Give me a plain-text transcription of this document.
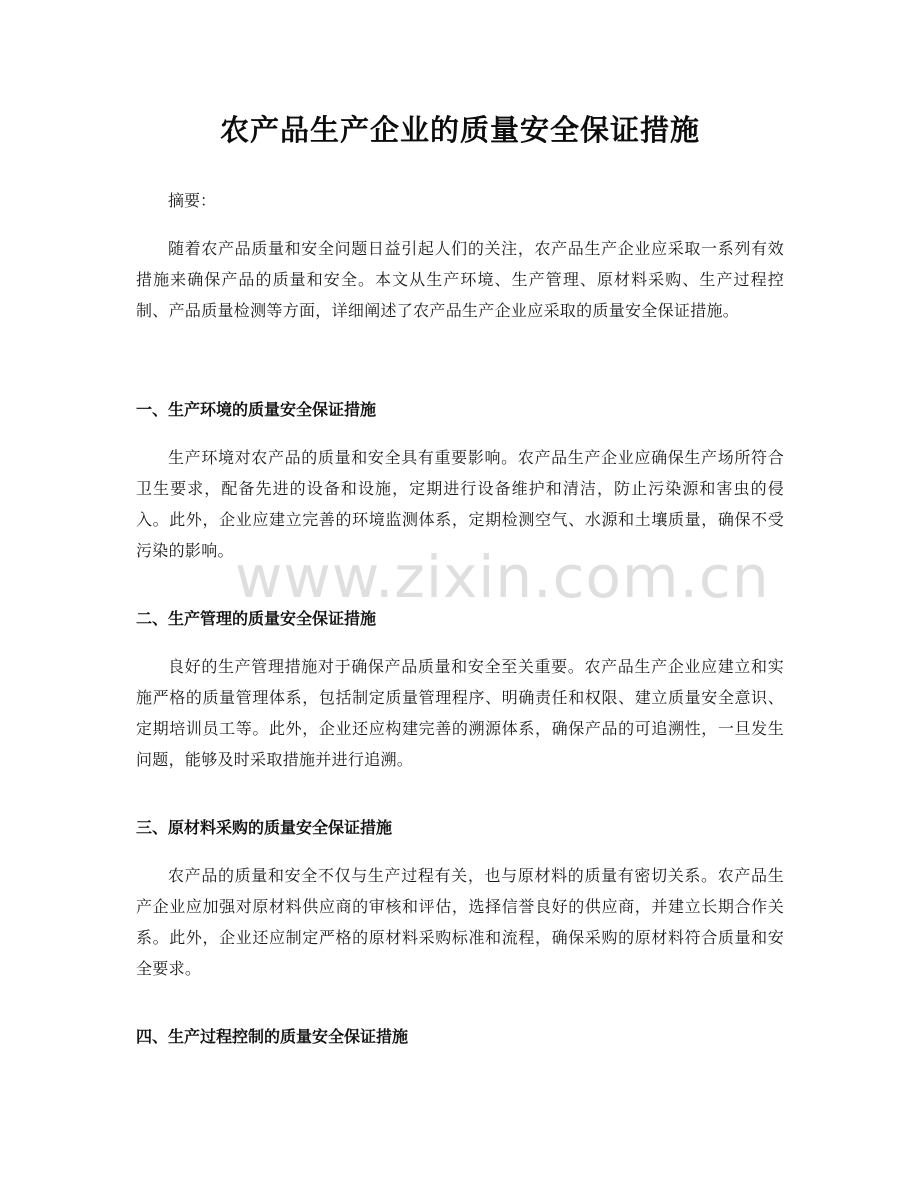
农产品生产企业的质量安全保证措施
摘要：
随着农产品质量和安全问题日益引起人们的关注，农产品生产企业应采取一系列有效措施来确保产品的质量和安全。本文从生产环境、生产管理、原材料采购、生产过程控制、产品质量检测等方面，详细阐述了农产品生产企业应采取的质量安全保证措施。
一、生产环境的质量安全保证措施
生产环境对农产品的质量和安全具有重要影响。农产品生产企业应确保生产场所符合卫生要求，配备先进的设备和设施，定期进行设备维护和清洁，防止污染源和害虫的侵入。此外，企业应建立完善的环境监测体系，定期检测空气、水源和土壤质量，确保不受污染的影响。
二、生产管理的质量安全保证措施
良好的生产管理措施对于确保产品质量和安全至关重要。农产品生产企业应建立和实施严格的质量管理体系，包括制定质量管理程序、明确责任和权限、建立质量安全意识、定期培训员工等。此外，企业还应构建完善的溯源体系，确保产品的可追溯性，一旦发生问题，能够及时采取措施并进行追溯。
三、原材料采购的质量安全保证措施
农产品的质量和安全不仅与生产过程有关，也与原材料的质量有密切关系。农产品生产企业应加强对原材料供应商的审核和评估，选择信誉良好的供应商，并建立长期合作关系。此外，企业还应制定严格的原材料采购标准和流程，确保采购的原材料符合质量和安全要求。
四、生产过程控制的质量安全保证措施
www.zixin.com.cn
